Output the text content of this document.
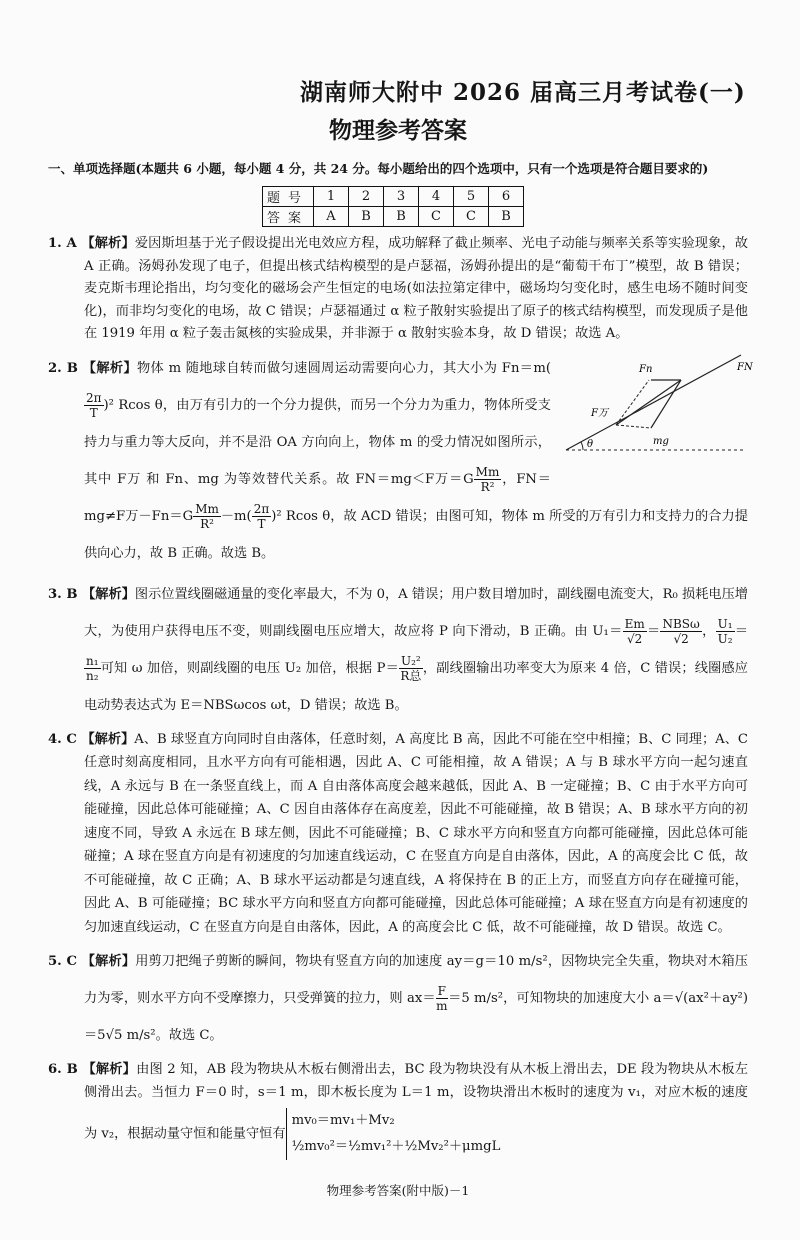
湖南师大附中 2026 届高三月考试卷(一)
物理参考答案
一、单项选择题(本题共 6 小题，每小题 4 分，共 24 分。每小题给出的四个选项中，只有一个选项是符合题目要求的)
题号	1	2	3	4	5	6
答案	A	B	B	C	C	B
1. A 【解析】爱因斯坦基于光子假设提出光电效应方程，成功解释了截止频率、光电子动能与频率关系等实验现象，故 A 正确。汤姆孙发现了电子，但提出核式结构模型的是卢瑟福，汤姆孙提出的是“葡萄干布丁”模型，故 B 错误；麦克斯韦理论指出，均匀变化的磁场会产生恒定的电场(如法拉第定律中，磁场均匀变化时，感生电场不随时间变化)，而非均匀变化的电场，故 C 错误；卢瑟福通过 α 粒子散射实验提出了原子的核式结构模型，而发现质子是他在 1919 年用 α 粒子轰击氮核的实验成果，并非源于 α 散射实验本身，故 D 错误；故选 A。
FN
Fn
F万
mg
θ
2. B 【解析】物体 m 随地球自转而做匀速圆周运动需要向心力，其大小为 Fn＝m(
$\frac{2\pi}{T} )^2$ Rcos θ，由万有引力的一个分力提供，而另一个分力为重力，物体所受支持力与重力等大反向，并不是沿 OA 方向向上，物体 m 的受力情况如图所示，其中 F万 和 Fn、mg 为等效替代关系。故 FN＝mg＜F万$=G \frac{Mm}{\text{R²}}$ ，FN＝mg≠F万$-Fn=G \frac{Mm}{\text{R²}} -m( \frac{2\pi}{T} )^2$ Rcos θ，故 ACD 错误；由图可知，物体 m 所受的万有引力和支持力的合力提供向心力，故 B 正确。故选 B。
3. B 【解析】图示位置线圈磁通量的变化率最大，不为 0，A 错误；用户数目增加时，副线圈电流变大，R₀ 损耗电压增大，为使用户获得电压不变，则副线圈电压应增大，故应将 P 向下滑动，B 正确。由 $U_1= \frac{Em}{√2} = \frac{\text{NBSω}}{√2}$ ， $\frac{\text{U₁}}{\text{U₂}}$ ＝
$\frac{\text{n₁}}{\text{n₂}}$ 可知 ω 加倍，则副线圈的电压 U₂ 加倍，根据 $P= \frac{\text{U₂²}}{\text{R总}}$ ，副线圈输出功率变大为原来 4 倍，C 错误；线圈感应电动势表达式为 E＝NBSωcos ωt，D 错误；故选 B。
4. C 【解析】A、B 球竖直方向同时自由落体，任意时刻，A 高度比 B 高，因此不可能在空中相撞；B、C 同理；A、C 任意时刻高度相同，且水平方向有可能相遇，因此 A、C 可能相撞，故 A 错误；A 与 B 球水平方向一起匀速直线，A 永远与 B 在一条竖直线上，而 A 自由落体高度会越来越低，因此 A、B 一定碰撞；B、C 由于水平方向可能碰撞，因此总体可能碰撞；A、C 因自由落体存在高度差，因此不可能碰撞，故 B 错误；A、B 球水平方向的初速度不同，导致 A 永远在 B 球左侧，因此不可能碰撞；B、C 球水平方向和竖直方向都可能碰撞，因此总体可能碰撞；A 球在竖直方向是有初速度的匀加速直线运动，C 在竖直方向是自由落体，因此，A 的高度会比 C 低，故不可能碰撞，故 C 正确；A、B 球水平运动都是匀速直线，A 将保持在 B 的正上方，而竖直方向存在碰撞可能，因此 A、B 可能碰撞；BC 球水平方向和竖直方向都可能碰撞，因此总体可能碰撞；A 球在竖直方向是有初速度的匀加速直线运动，C 在竖直方向是自由落体，因此，A 的高度会比 C 低，故不可能碰撞，故 D 错误。故选 C。
5. C 【解析】用剪刀把绳子剪断的瞬间，物块有竖直方向的加速度 ay＝g＝10 m/s²，因物块完全失重，物块对木箱压力为零，则水平方向不受摩擦力，只受弹簧的拉力，则 $ax= \frac{F}{m} =5$ m/s²，可知物块的加速度大小 a＝√(ax²＋ay²)＝5√5 m/s²。故选 C。
6. B 【解析】由图 2 知，AB 段为物块从木板右侧滑出去，BC 段为物块没有从木板上滑出去，DE 段为物块从木板左侧滑出去。当恒力 F＝0 时，s＝1 m，即木板长度为 L＝1 m，设物块滑出木板时的速度为 v₁，对应木板的速度为 v₂，根据动量守恒和能量守恒有
mv₀＝mv₁＋Mv₂
½mv₀²＝½mv₁²＋½Mv₂²＋μmgL
物理参考答案(附中版)－1
